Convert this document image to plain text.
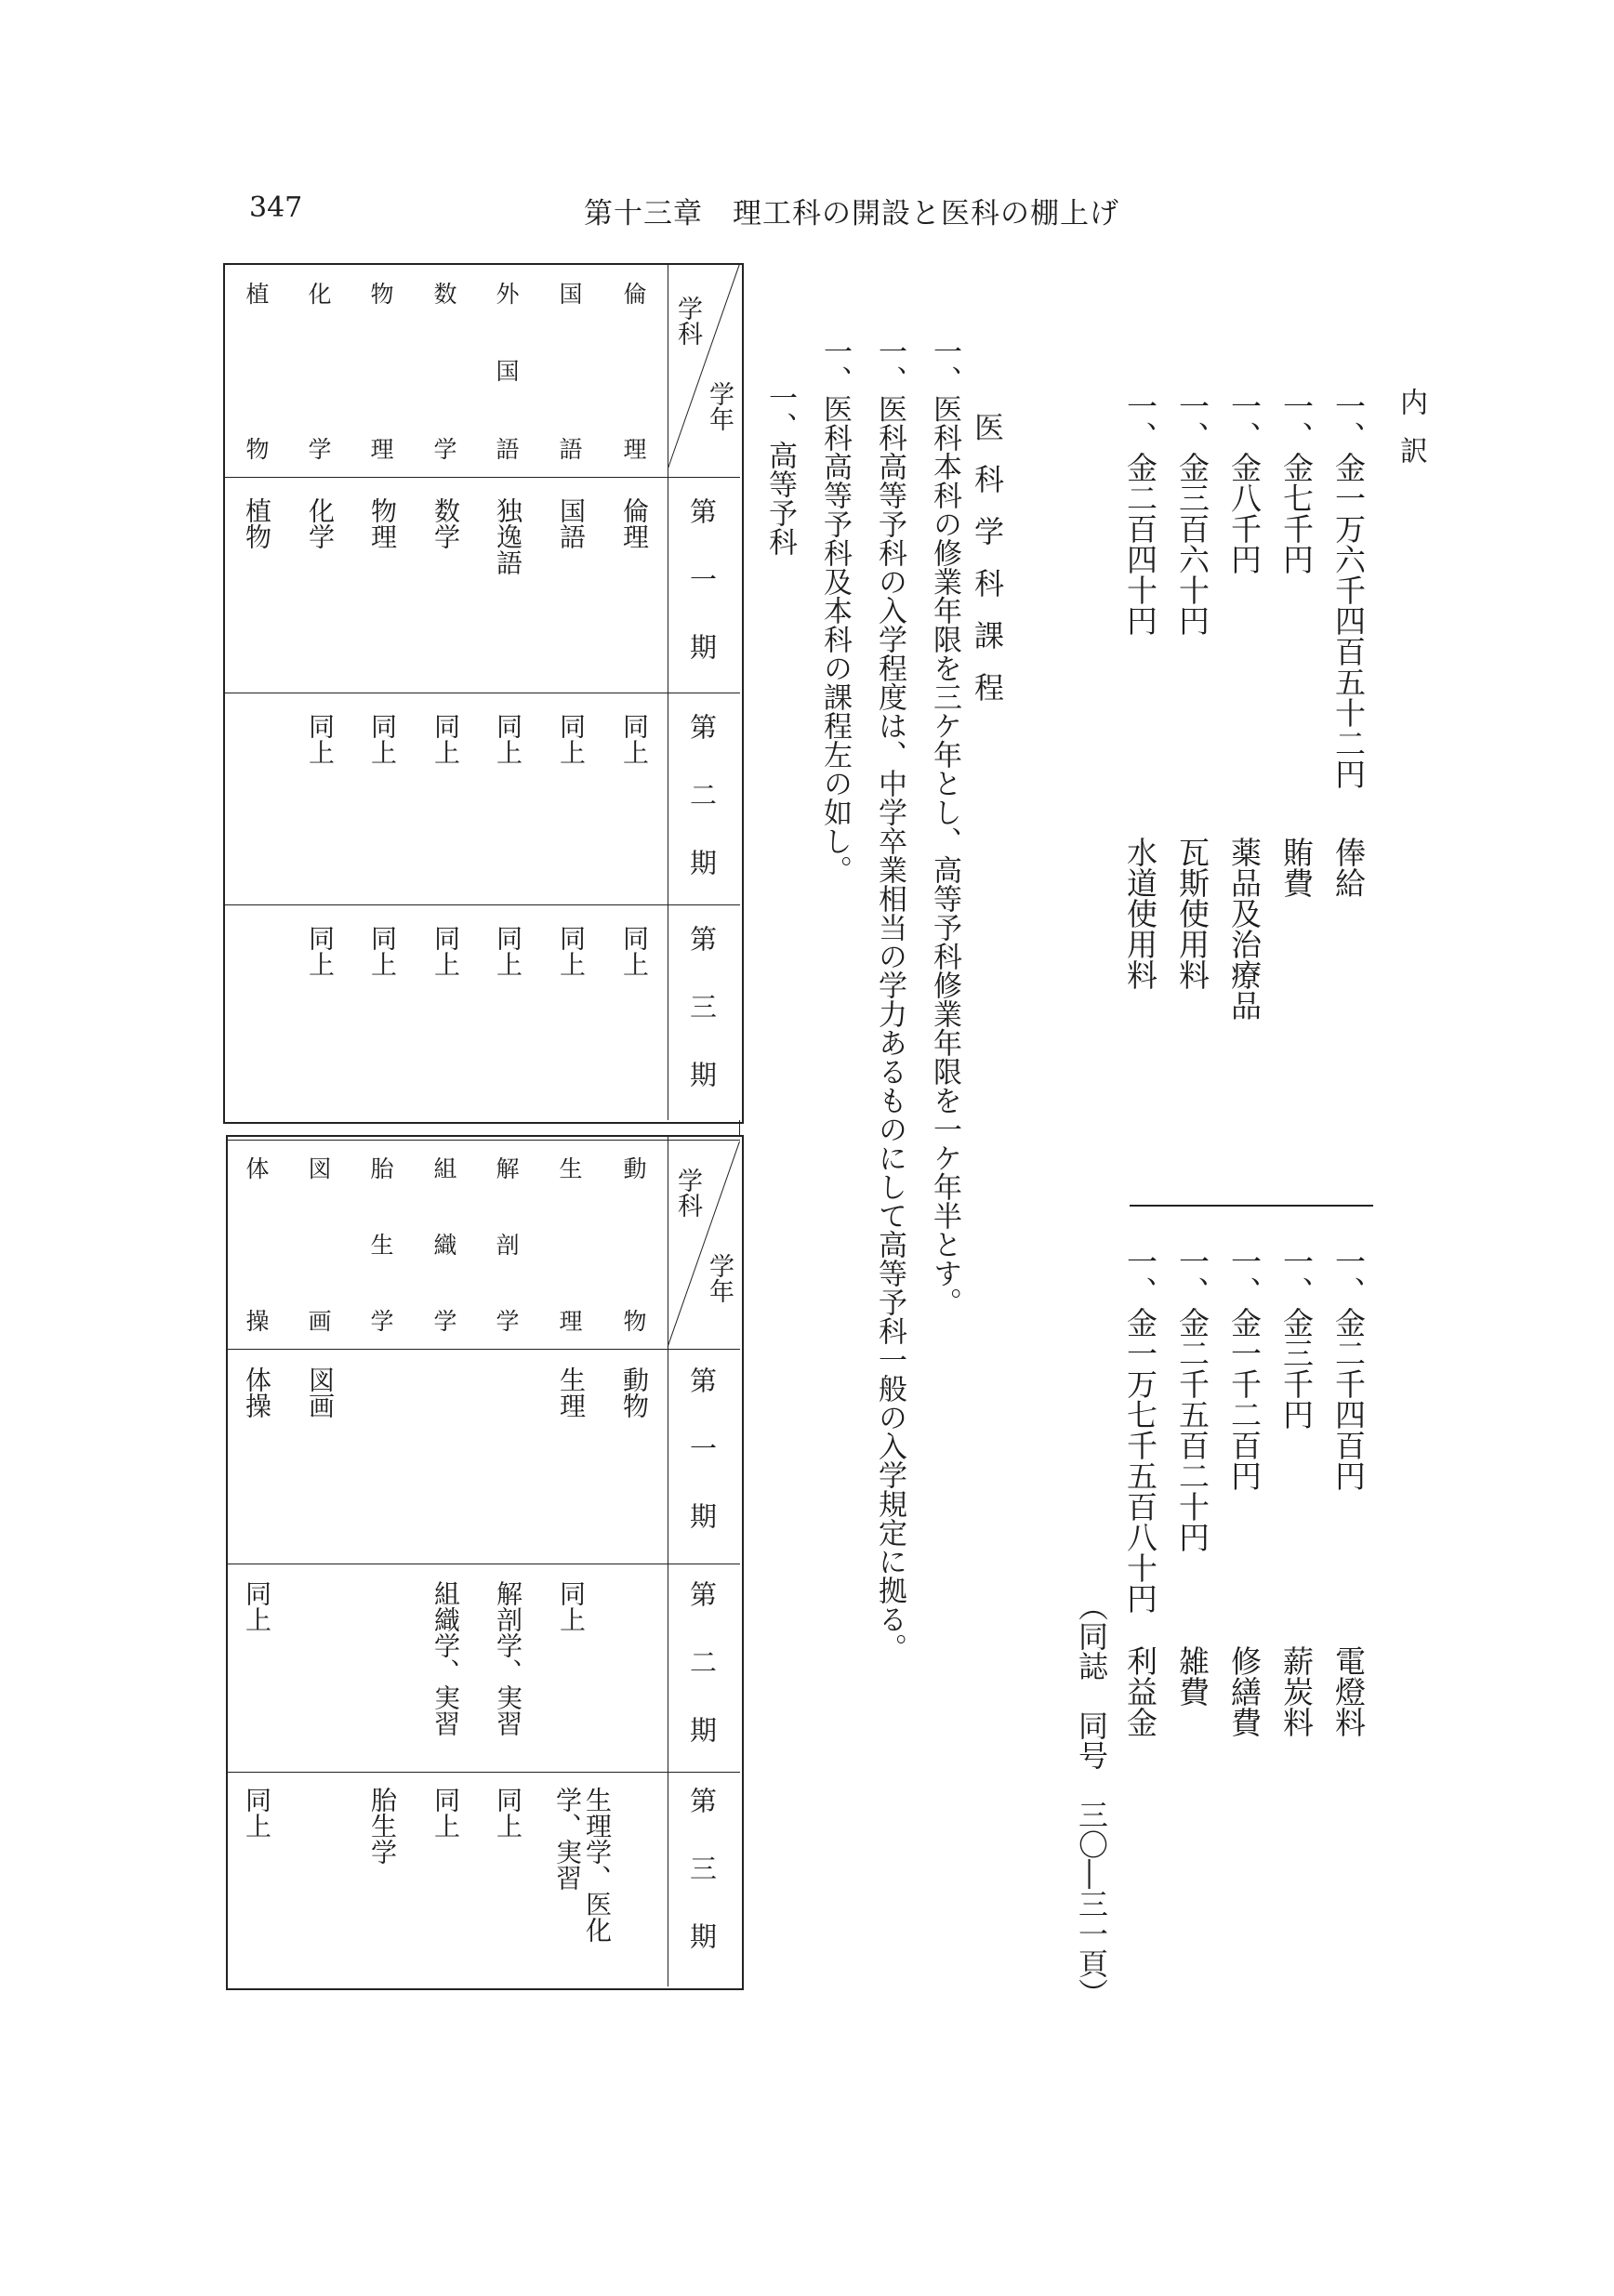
347	第十三章　理工科の開設と医科の棚上げ
内訳
一、金一万六千四百五十二円
俸給
一、金七千円
賄費
一、金八千円
薬品及治療品
一、金三百六十円
瓦斯使用料
一、金二百四十円
水道使用料
一、金二千四百円
電燈料
一、金三千円
薪炭料
一、金一千二百円
修繕費
一、金二千五百二十円
雑費
一、金一万七千五百八十円
利益金
（同誌　同号　三〇―三一頁）
医科学科課程
一、医科本科の修業年限を三ケ年とし、高等予科修業年限を一ケ年半とす。
一、医科高等予科の入学程度は、中学卒業相当の学力あるものにして高等予科一般の入学規定に拠る。
一、医科高等予科及本科の課程左の如し。
一、高等予科
学科
学年
倫
理
国
語
外
国
語
数
学
物
理
化
学
植
物
第一期
第二期
第三期
倫理
国語
独逸語
数学
物理
化学
植物
同上
同上
同上
同上
同上
同上
同上
同上
同上
同上
同上
同上
学科
学年
動
物
生
理
解
剖
学
組
織
学
胎
生
学
図
画
体
操
第一期
第二期
第三期
動物
生理
図画
体操
同上
解剖学、実習
組織学、実習
同上
生理学、医化
学、実習
同上
同上
胎生学
同上
